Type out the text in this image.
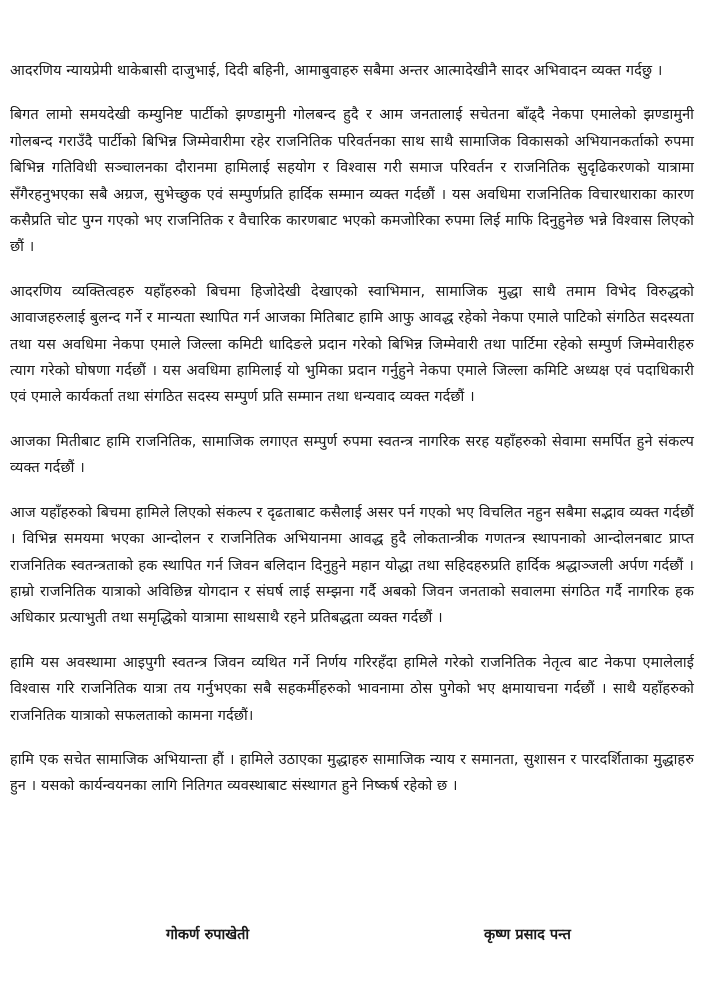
आदरणिय न्यायप्रेमी थाकेबासी दाजुभाई, दिदी बहिनी, आमाबुवाहरु सबैमा अन्तर आत्मादेखीनै सादर अभिवादन व्यक्त गर्दछु ।

बिगत लामो समयदेखी कम्युनिष्ट पार्टीको झण्डामुनी गोलबन्द हुदै र आम जनतालाई सचेतना बाँढ्दै नेकपा एमालेको झण्डामुनी गोलबन्द गराउँदै पार्टीको बिभिन्न जिम्मेवारीमा रहेर राजनितिक परिवर्तनका साथ साथै सामाजिक विकासको अभियानकर्ताको रुपमा बिभिन्न गतिविधी सञ्चालनका दौरानमा हामिलाई सहयोग र विश्वास गरी समाज परिवर्तन र राजनितिक सुदृढिकरणको यात्रामा सँगैरहनुभएका सबै अग्रज, सुभेच्छुक एवं सम्पुर्णप्रति हार्दिक सम्मान व्यक्त गर्दछौं । यस अवधिमा राजनितिक विचारधाराका कारण कसैप्रति चोट पुग्न गएको भए राजनितिक र वैचारिक कारणबाट भएको कमजोरिका रुपमा लिई माफि दिनुहुनेछ भन्ने विश्वास लिएको छौं ।

आदरणिय व्यक्तित्वहरु यहाँहरुको बिचमा हिजोदेखी देखाएको स्वाभिमान, सामाजिक मुद्धा साथै तमाम विभेद विरुद्धको आवाजहरुलाई बुलन्द गर्ने र मान्यता स्थापित गर्न आजका मितिबाट हामि आफु आवद्ध रहेको नेकपा एमाले पाटिको संगठित सदस्यता तथा यस अवधिमा नेकपा एमाले जिल्ला कमिटी धादिङले प्रदान गरेको बिभिन्न जिम्मेवारी तथा पार्टिमा रहेको सम्पुर्ण जिम्मेवारीहरु त्याग गरेको घोषणा गर्दछौं । यस अवधिमा हामिलाई यो भुमिका प्रदान गर्नुहुने नेकपा एमाले जिल्ला कमिटि अध्यक्ष एवं पदाधिकारी एवं एमाले कार्यकर्ता तथा संगठित सदस्य सम्पुर्ण प्रति सम्मान तथा धन्यवाद व्यक्त गर्दछौं ।

आजका मितीबाट हामि राजनितिक, सामाजिक लगाएत सम्पुर्ण रुपमा स्वतन्त्र नागरिक सरह यहाँहरुको सेवामा समर्पित हुने संकल्प व्यक्त गर्दछौं ।

आज यहाँहरुको बिचमा हामिले लिएको संकल्प र दृढताबाट कसैलाई असर पर्न गएको भए विचलित नहुन सबैमा सद्भाव व्यक्त गर्दछौं । विभिन्न समयमा भएका आन्दोलन र राजनितिक अभियानमा आवद्ध हुदै लोकतान्त्रीक गणतन्त्र स्थापनाको आन्दोलनबाट प्राप्त राजनितिक स्वतन्त्रताको हक स्थापित गर्न जिवन बलिदान दिनुहुने महान योद्धा तथा सहिदहरुप्रति हार्दिक श्रद्धाञ्जली अर्पण गर्दछौं । हाम्रो राजनितिक यात्राको अविछिन्न योगदान र संघर्ष लाई सम्झना गर्दै अबको जिवन जनताको सवालमा संगठित गर्दै नागरिक हक अधिकार प्रत्याभुती तथा समृद्धिको यात्रामा साथसाथै रहने प्रतिबद्धता व्यक्त गर्दछौं ।

हामि यस अवस्थामा आइपुगी स्वतन्त्र जिवन व्यथित गर्ने निर्णय गरिरहँदा हामिले गरेको राजनितिक नेतृत्व बाट नेकपा एमालेलाई विश्वास गरि राजनितिक यात्रा तय गर्नुभएका सबै सहकर्मीहरुको भावनामा ठोस पुगेको भए क्षमायाचना गर्दछौं । साथै यहाँहरुको राजनितिक यात्राको सफलताको कामना गर्दछौं।

हामि एक सचेत सामाजिक अभियान्ता हौं । हामिले उठाएका मुद्धाहरु सामाजिक न्याय र समानता, सुशासन र पारदर्शिताका मुद्धाहरु हुन । यसको कार्यन्वयनका लागि नितिगत व्यवस्थाबाट संस्थागत हुने निष्कर्ष रहेको छ ।

गोकर्ण रुपाखेती	कृष्ण प्रसाद पन्त
